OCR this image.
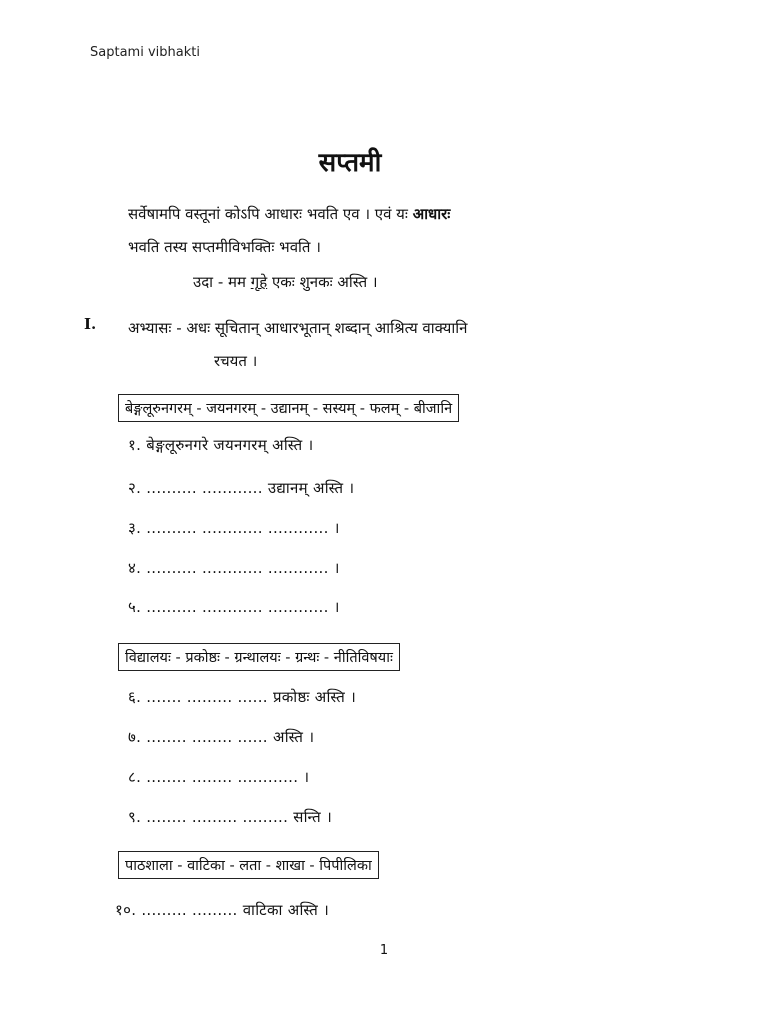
Saptami vibhakti
सप्तमी
सर्वेषामपि वस्तूनां कोऽपि आधारः भवति एव । एवं यः आधारः
भवति तस्य सप्तमीविभक्तिः भवति ।
उदा - मम गृहे एकः शुनकः अस्ति ।
I. अभ्यासः - अधः सूचितान् आधारभूतान् शब्दान् आश्रित्य वाक्यानि
रचयत ।
बेङ्गलूरुनगरम् - जयनगरम् - उद्यानम् - सस्यम् - फलम् - बीजानि
१. बेङ्गलूरुनगरे जयनगरम् अस्ति ।
२. .......... ............ उद्यानम् अस्ति ।
३. .......... ............ ............ ।
४. .......... ............ ............ ।
५. .......... ............ ............ ।
विद्यालयः - प्रकोष्ठः - ग्रन्थालयः - ग्रन्थः - नीतिविषयाः
६. ....... ......... ...... प्रकोष्ठः अस्ति ।
७. ........ ........ ...... अस्ति ।
८. ........ ........ ............ ।
९. ........ ......... ......... सन्ति ।
पाठशाला - वाटिका - लता - शाखा - पिपीलिका
१०. ......... ......... वाटिका अस्ति ।
1
